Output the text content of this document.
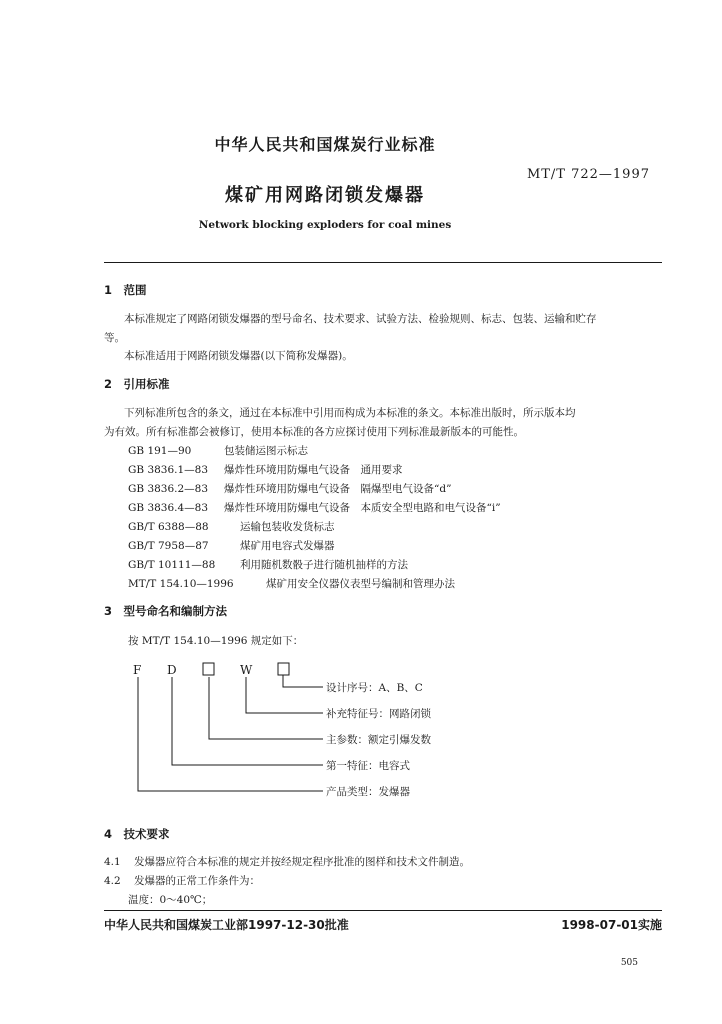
中华人民共和国煤炭行业标准
MT/T 722—1997
煤矿用网路闭锁发爆器
Network blocking exploders for coal mines
1　范围
本标准规定了网路闭锁发爆器的型号命名、技术要求、试验方法、检验规则、标志、包装、运输和贮存
等。
本标准适用于网路闭锁发爆器(以下简称发爆器)。
2　引用标准
下列标准所包含的条文，通过在本标准中引用而构成为本标准的条文。本标准出版时，所示版本均
为有效。所有标准都会被修订，使用本标准的各方应探讨使用下列标准最新版本的可能性。
GB 191—90	包装储运图示标志
GB 3836.1—83 爆炸性环境用防爆电气设备　通用要求
GB 3836.2—83 爆炸性环境用防爆电气设备　隔爆型电气设备“d”
GB 3836.4—83 爆炸性环境用防爆电气设备　本质安全型电路和电气设备“i”
GB/T 6388—88	运输包装收发货标志
GB/T 7958—87	煤矿用电容式发爆器
GB/T 10111—88 利用随机数骰子进行随机抽样的方法
MT/T 154.10—1996	煤矿用安全仪器仪表型号编制和管理办法
3　型号命名和编制方法
按 MT/T 154.10—1996 规定如下：
F D	W
设计序号：A、B、C
补充特征号：网路闭锁
主参数：额定引爆发数
第一特征：电容式
产品类型：发爆器
4　技术要求
4.1 发爆器应符合本标准的规定并按经规定程序批准的图样和技术文件制造。
4.2 发爆器的正常工作条件为：
温度：0～40℃；
中华人民共和国煤炭工业部1997-12-30批准	1998-07-01实施
505
